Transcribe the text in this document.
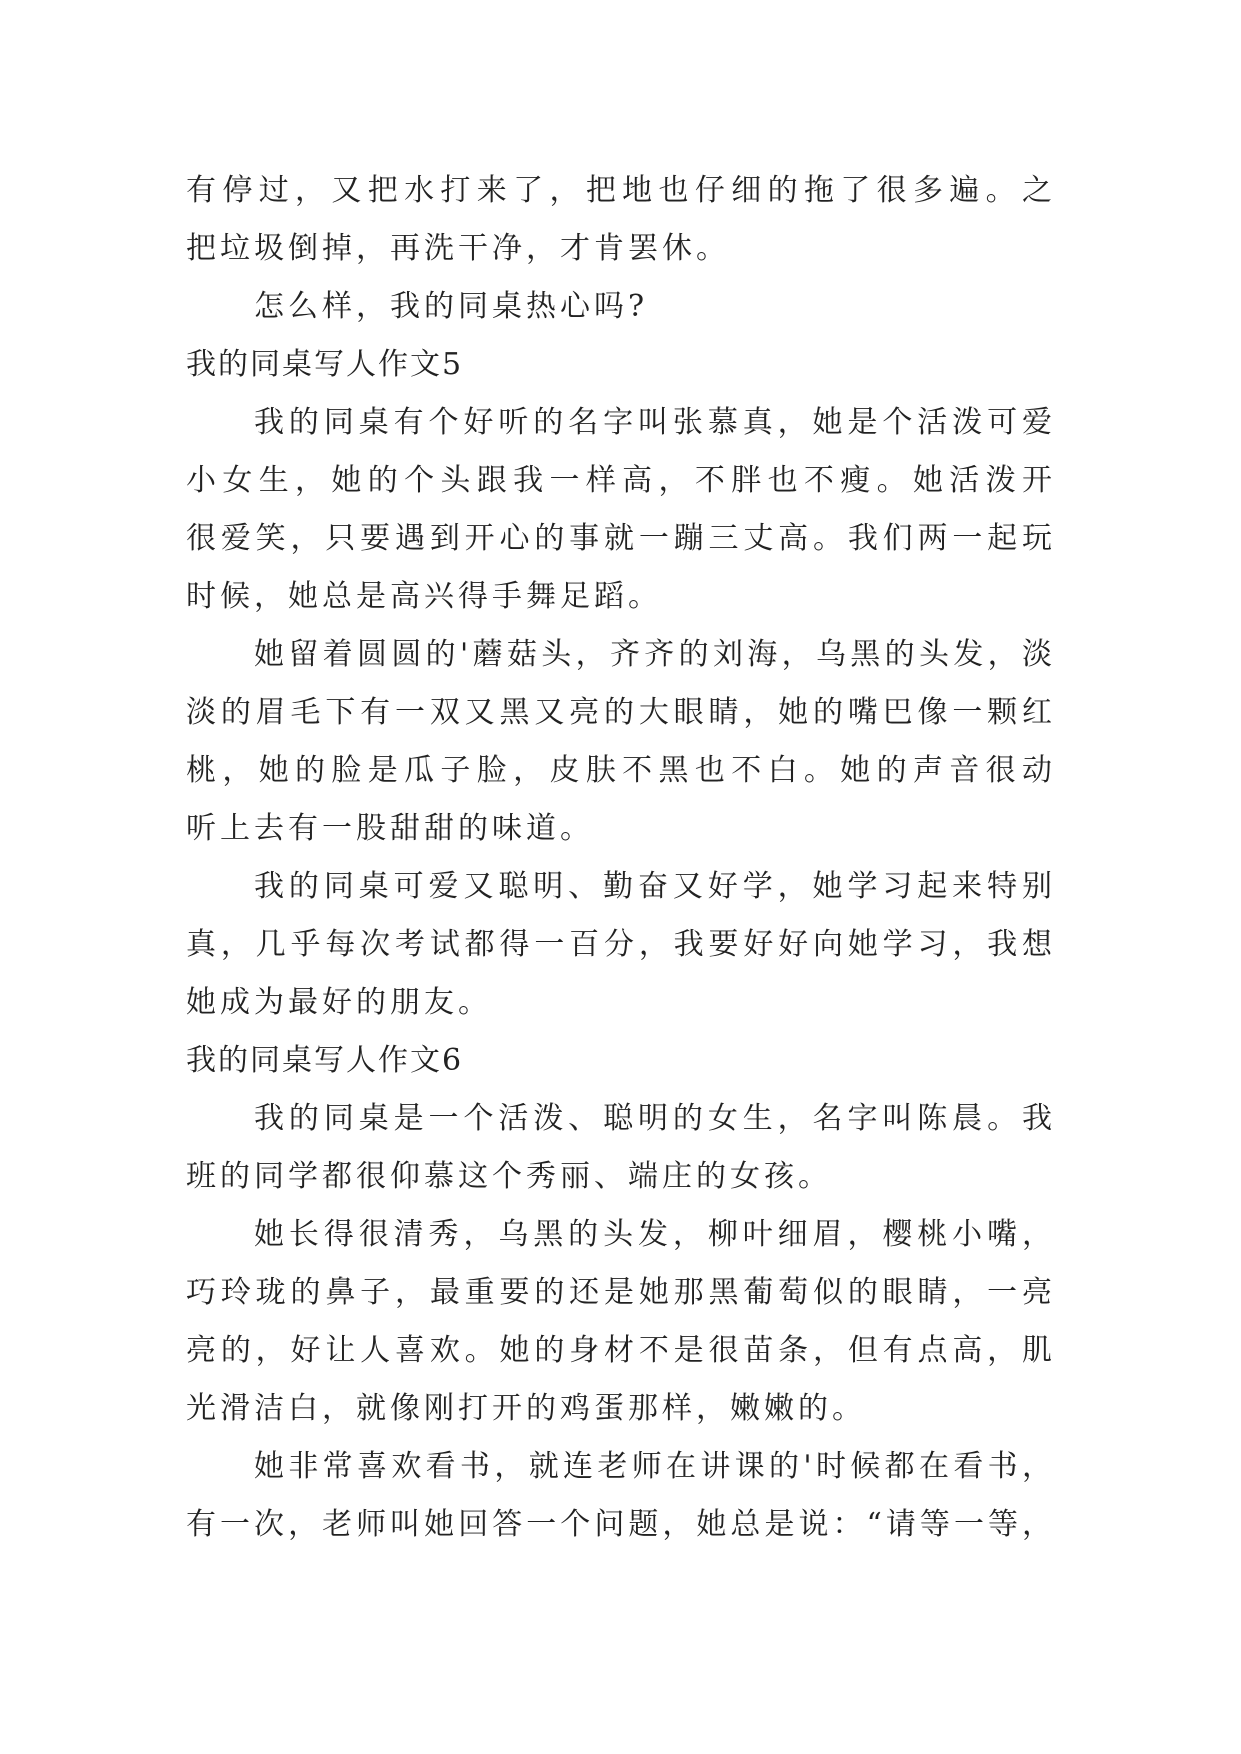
有停过，又把水打来了，把地也仔细的拖了很多遍。之
把垃圾倒掉，再洗干净，才肯罢休。
怎么样，我的同桌热心吗?
我的同桌写人作文5
我的同桌有个好听的名字叫张慕真，她是个活泼可爱
小女生，她的个头跟我一样高，不胖也不瘦。她活泼开
很爱笑，只要遇到开心的事就一蹦三丈高。我们两一起玩
时候，她总是高兴得手舞足蹈。
她留着圆圆的'蘑菇头，齐齐的刘海，乌黑的头发，淡
淡的眉毛下有一双又黑又亮的大眼睛，她的嘴巴像一颗红
桃，她的脸是瓜子脸，皮肤不黑也不白。她的声音很动
听上去有一股甜甜的味道。
我的同桌可爱又聪明、勤奋又好学，她学习起来特别
真，几乎每次考试都得一百分，我要好好向她学习，我想
她成为最好的朋友。
我的同桌写人作文6
我的同桌是一个活泼、聪明的女生，名字叫陈晨。我
班的同学都很仰慕这个秀丽、端庄的女孩。
她长得很清秀，乌黑的头发，柳叶细眉，樱桃小嘴，
巧玲珑的鼻子，最重要的还是她那黑葡萄似的眼睛，一亮
亮的，好让人喜欢。她的身材不是很苗条，但有点高，肌
光滑洁白，就像刚打开的鸡蛋那样，嫩嫩的。
她非常喜欢看书，就连老师在讲课的'时候都在看书，
有一次，老师叫她回答一个问题，她总是说：“请等一等，
